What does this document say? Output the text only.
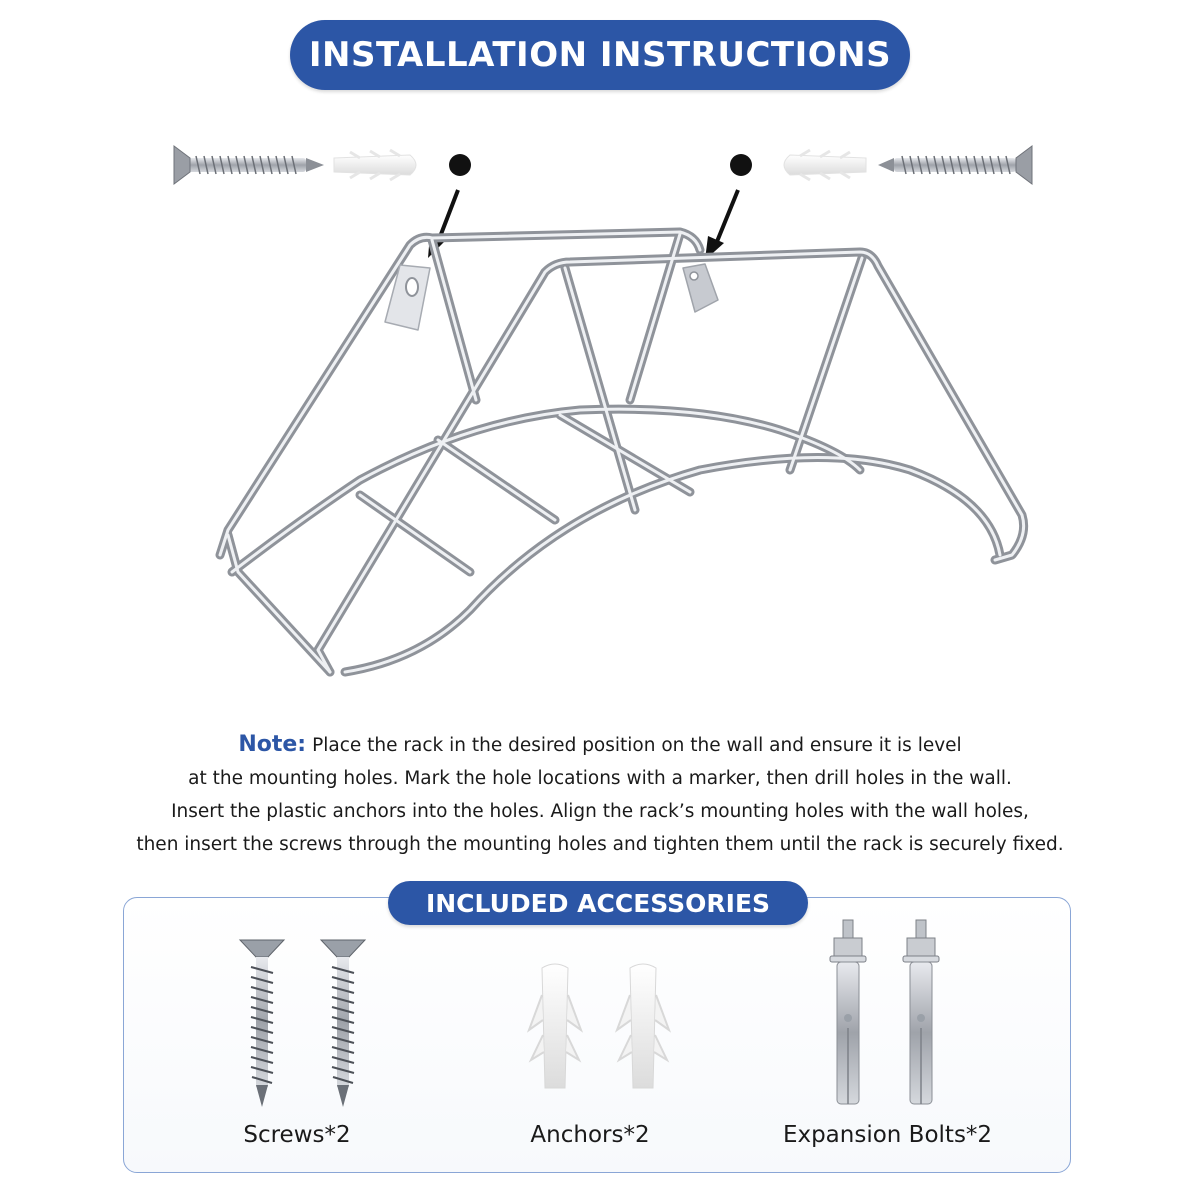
INSTALLATION INSTRUCTIONS
Note: Place the rack in the desired position on the wall and ensure it is level
at the mounting holes. Mark the hole locations with a marker, then drill holes in the wall.
Insert the plastic anchors into the holes. Align the rack’s mounting holes with the wall holes,
then insert the screws through the mounting holes and tighten them until the rack is securely fixed.
INCLUDED ACCESSORIES
Screws*2	Anchors*2	Expansion Bolts*2
